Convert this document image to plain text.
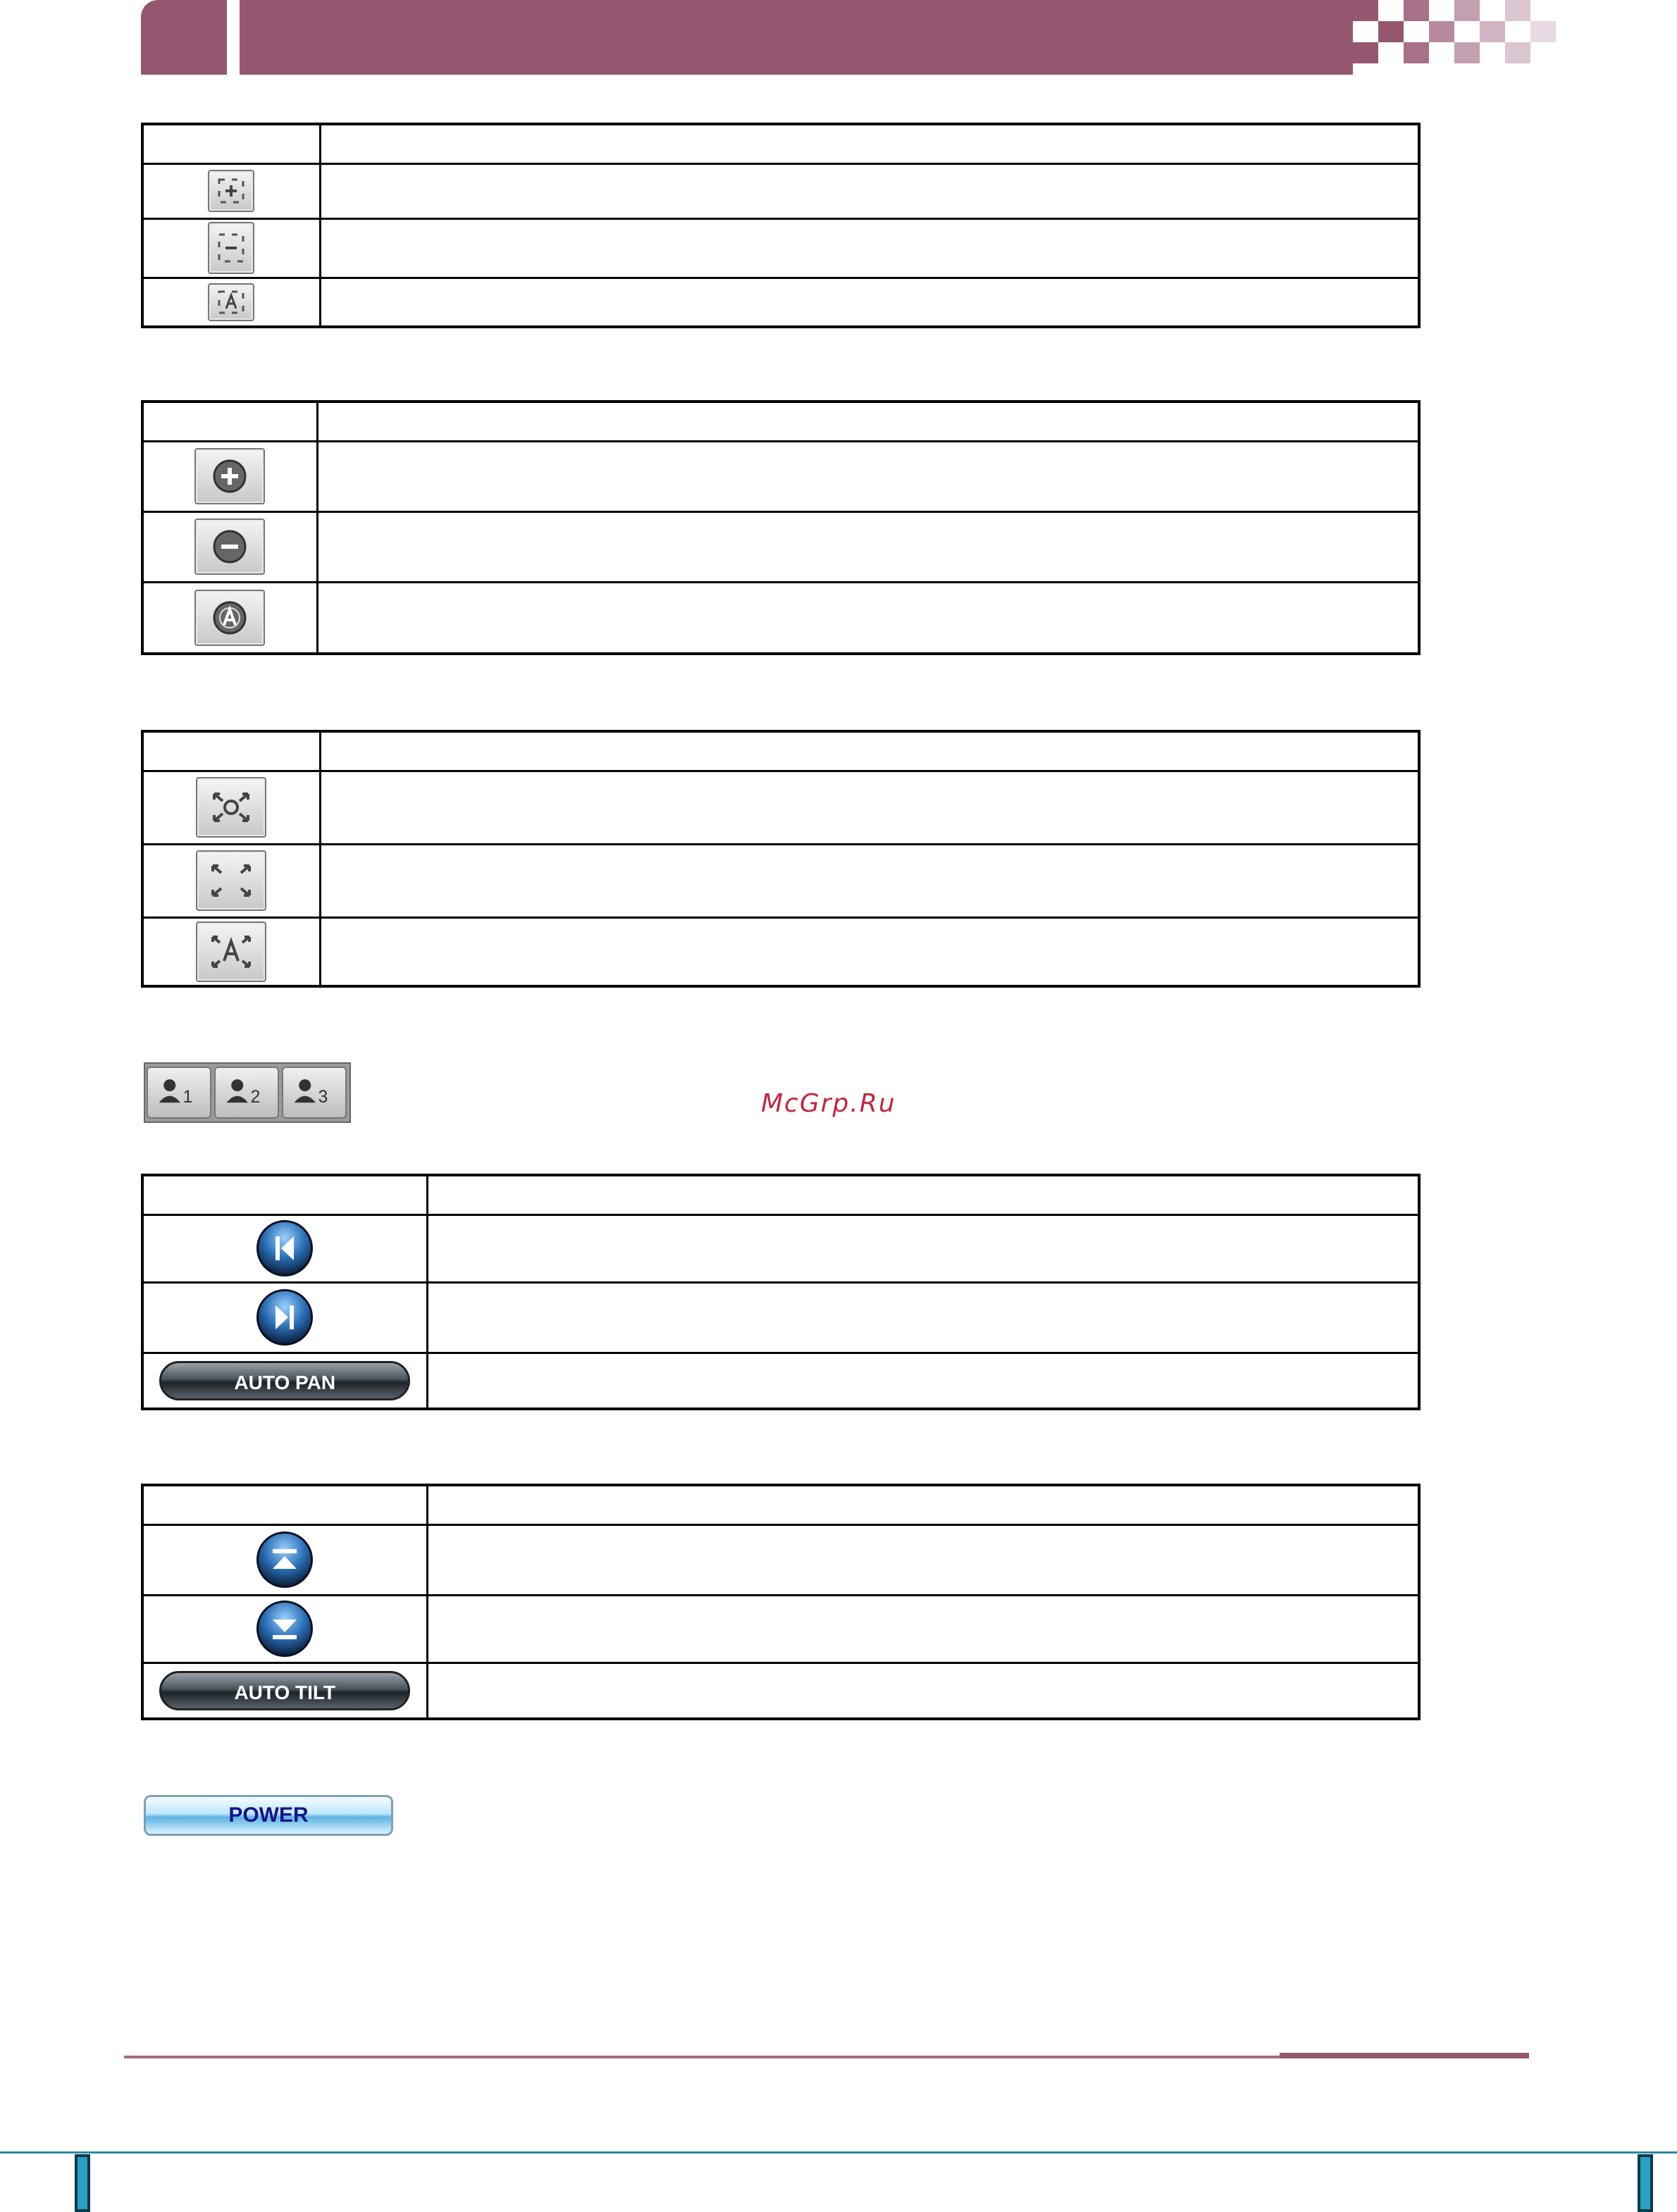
1	2	3	McGrp.Ru

AUTO PAN	

AUTO TILT	
POWER
